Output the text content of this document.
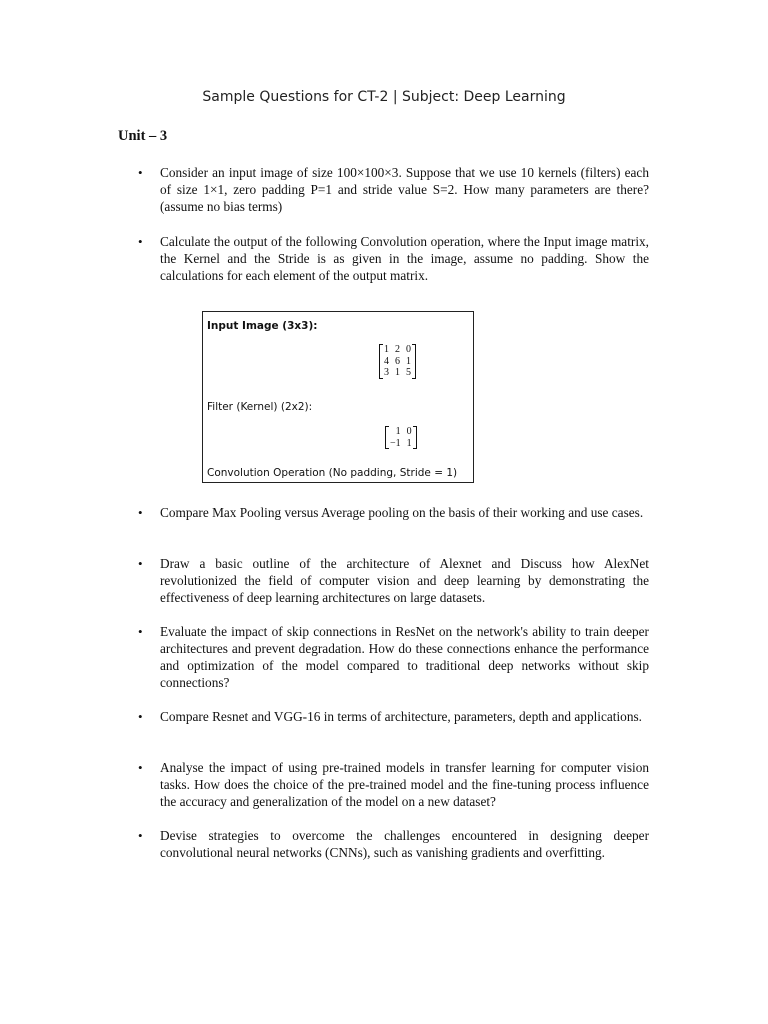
Sample Questions for CT-2 | Subject: Deep Learning
Unit – 3
• Consider an input image of size 100×100×3. Suppose that we use 10 kernels (filters) each of size 1×1, zero padding P=1 and stride value S=2. How many parameters are there? (assume no bias terms)
• Calculate the output of the following Convolution operation, where the Input image matrix, the Kernel and the Stride is as given in the image, assume no padding. Show the calculations for each element of the output matrix.
Input Image (3x3):
1	2	0
4	6	1
3	1	5
Filter (Kernel) (2x2):
1	0
−1	1
Convolution Operation (No padding, Stride = 1)
• Compare Max Pooling versus Average pooling on the basis of their working and use cases.
• Draw a basic outline of the architecture of Alexnet and Discuss how AlexNet revolutionized the field of computer vision and deep learning by demonstrating the effectiveness of deep learning architectures on large datasets.
• Evaluate the impact of skip connections in ResNet on the network's ability to train deeper architectures and prevent degradation. How do these connections enhance the performance and optimization of the model compared to traditional deep networks without skip connections?
• Compare Resnet and VGG-16 in terms of architecture, parameters, depth and applications.
• Analyse the impact of using pre-trained models in transfer learning for computer vision tasks. How does the choice of the pre-trained model and the fine-tuning process influence the accuracy and generalization of the model on a new dataset?
• Devise strategies to overcome the challenges encountered in designing deeper convolutional neural networks (CNNs), such as vanishing gradients and overfitting.
